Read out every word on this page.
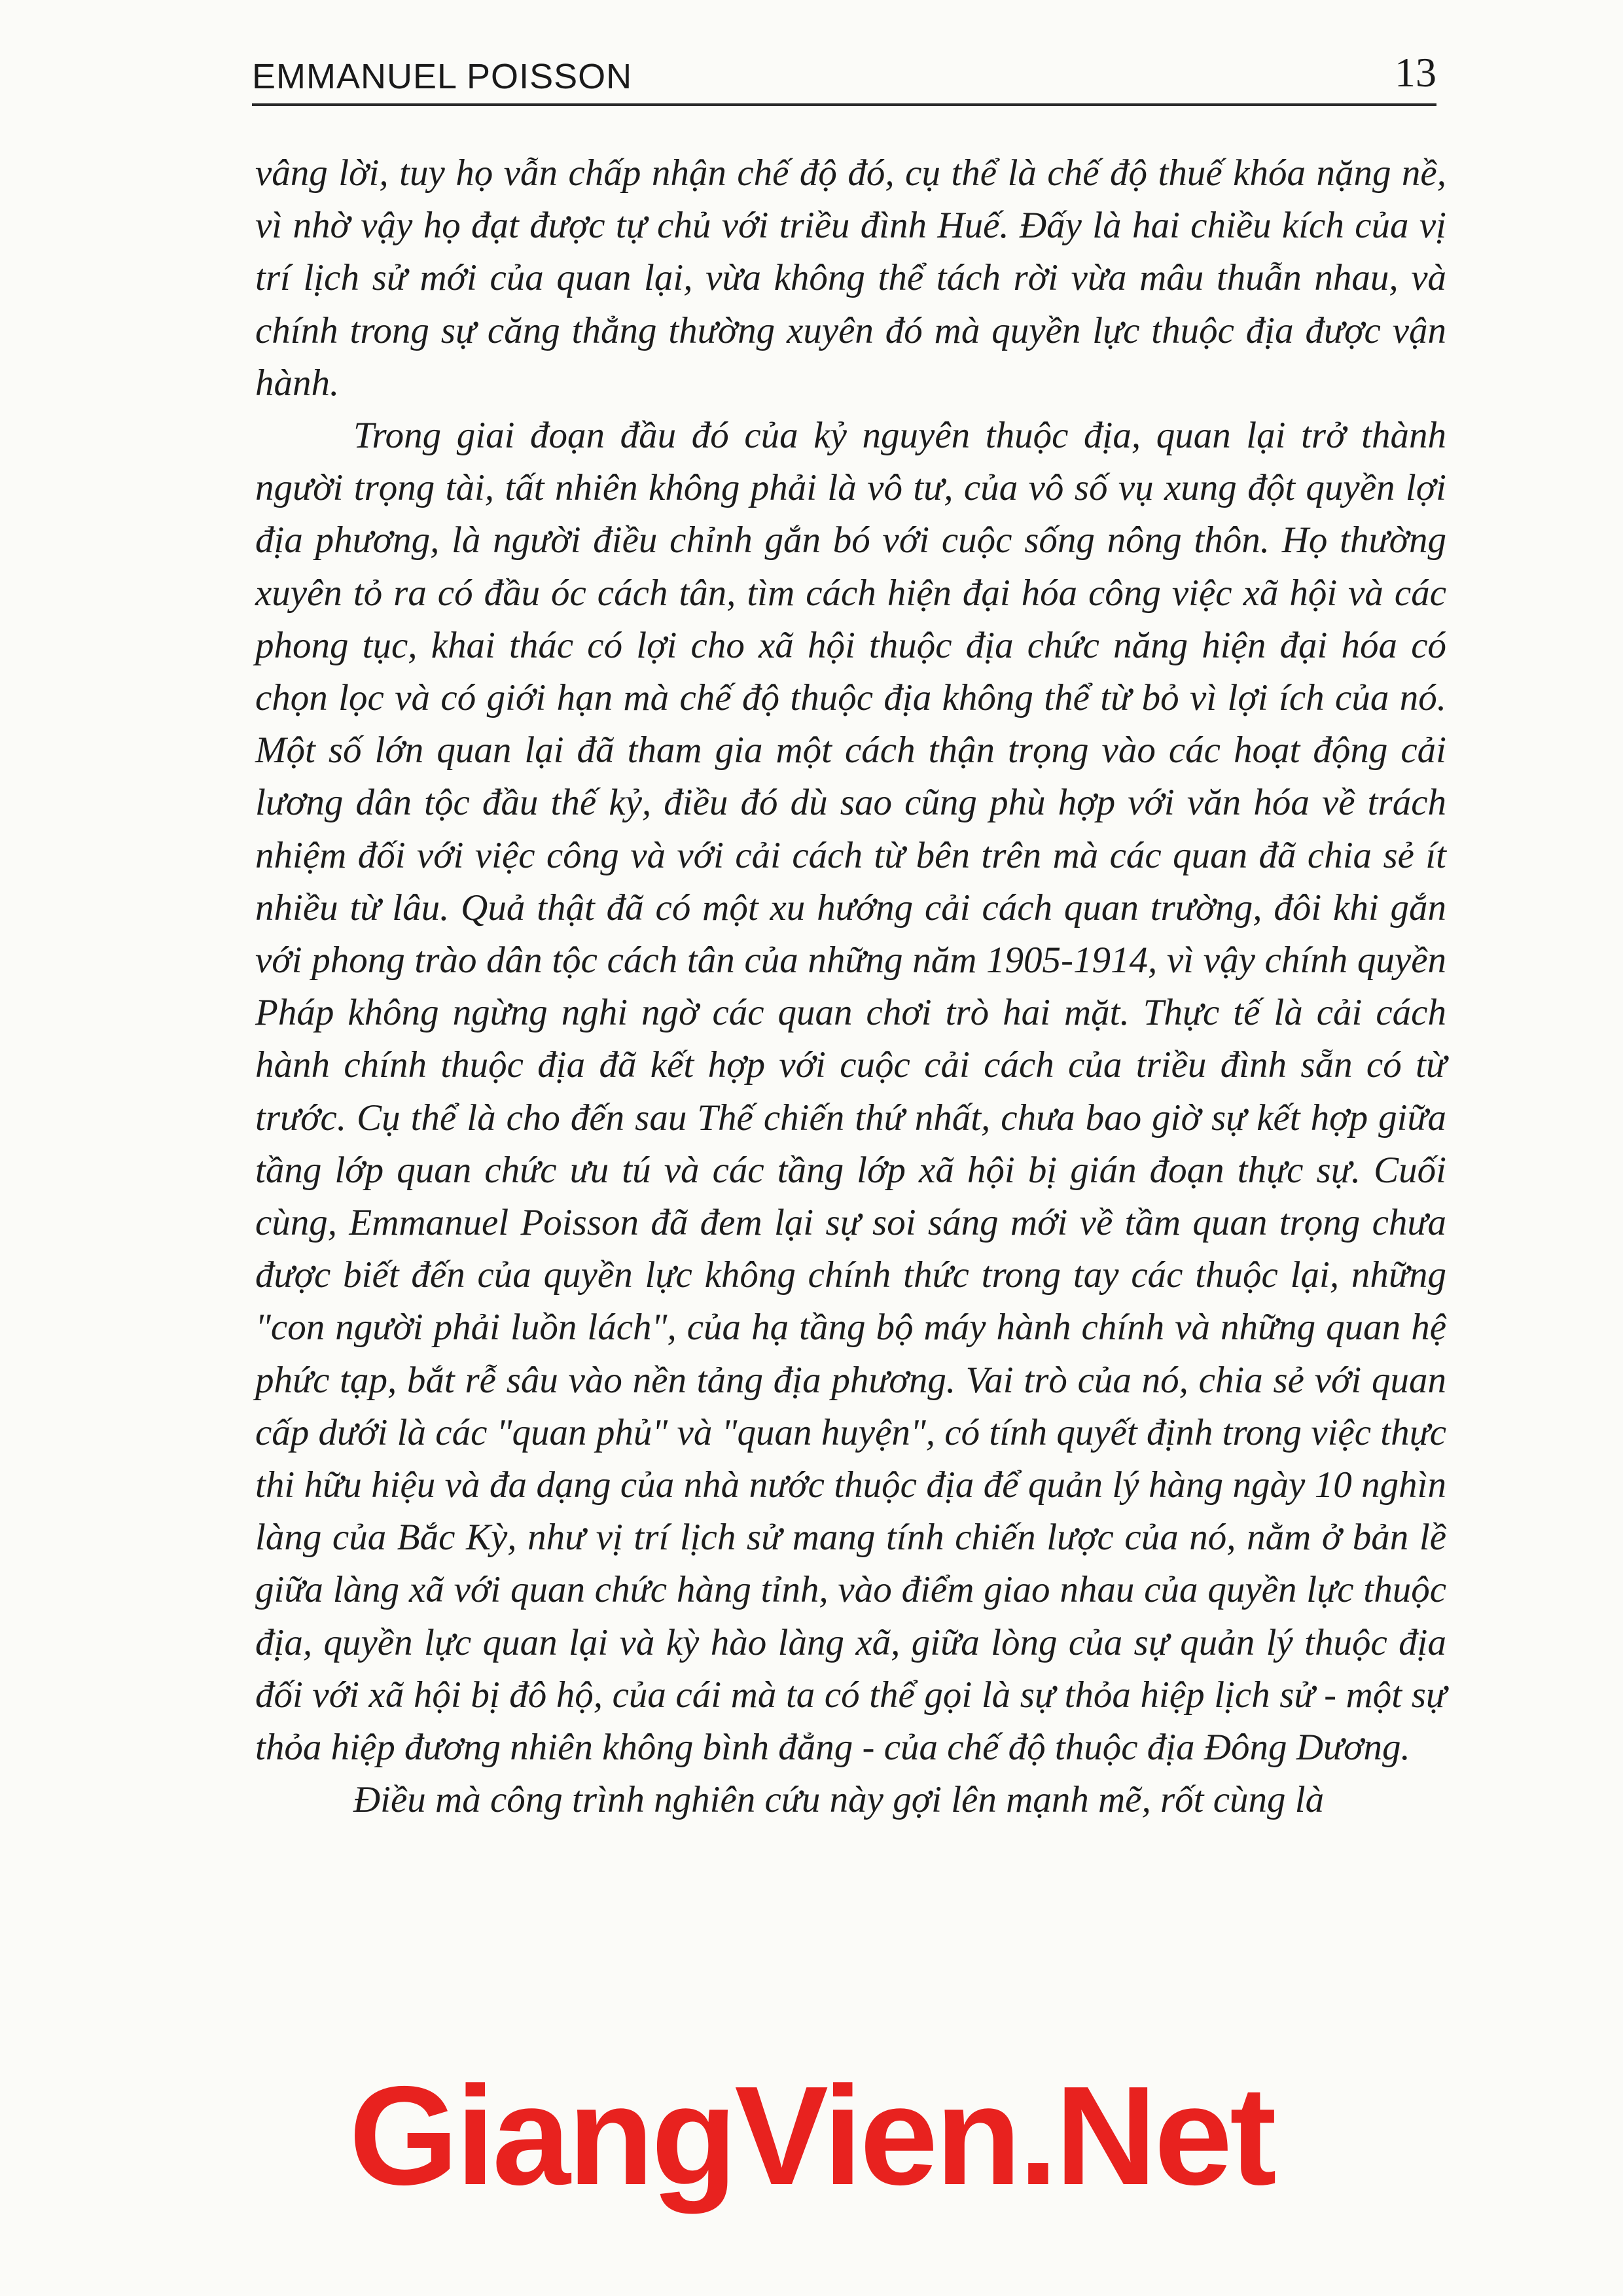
EMMANUEL POISSON	13

vâng lời, tuy họ vẫn chấp nhận chế độ đó, cụ thể là chế độ thuế khóa nặng nề, vì nhờ vậy họ đạt được tự chủ với triều đình Huế. Đấy là hai chiều kích của vị trí lịch sử mới của quan lại, vừa không thể tách rời vừa mâu thuẫn nhau, và chính trong sự căng thẳng thường xuyên đó mà quyền lực thuộc địa được vận hành.

Trong giai đoạn đầu đó của kỷ nguyên thuộc địa, quan lại trở thành người trọng tài, tất nhiên không phải là vô tư, của vô số vụ xung đột quyền lợi địa phương, là người điều chỉnh gắn bó với cuộc sống nông thôn. Họ thường xuyên tỏ ra có đầu óc cách tân, tìm cách hiện đại hóa công việc xã hội và các phong tục, khai thác có lợi cho xã hội thuộc địa chức năng hiện đại hóa có chọn lọc và có giới hạn mà chế độ thuộc địa không thể từ bỏ vì lợi ích của nó. Một số lớn quan lại đã tham gia một cách thận trọng vào các hoạt động cải lương dân tộc đầu thế kỷ, điều đó dù sao cũng phù hợp với văn hóa về trách nhiệm đối với việc công và với cải cách từ bên trên mà các quan đã chia sẻ ít nhiều từ lâu. Quả thật đã có một xu hướng cải cách quan trường, đôi khi gắn với phong trào dân tộc cách tân của những năm 1905-1914, vì vậy chính quyền Pháp không ngừng nghi ngờ các quan chơi trò hai mặt. Thực tế là cải cách hành chính thuộc địa đã kết hợp với cuộc cải cách của triều đình sẵn có từ trước. Cụ thể là cho đến sau Thế chiến thứ nhất, chưa bao giờ sự kết hợp giữa tầng lớp quan chức ưu tú và các tầng lớp xã hội bị gián đoạn thực sự. Cuối cùng, Emmanuel Poisson đã đem lại sự soi sáng mới về tầm quan trọng chưa được biết đến của quyền lực không chính thức trong tay các thuộc lại, những "con người phải luồn lách", của hạ tầng bộ máy hành chính và những quan hệ phức tạp, bắt rễ sâu vào nền tảng địa phương. Vai trò của nó, chia sẻ với quan cấp dưới là các "quan phủ" và "quan huyện", có tính quyết định trong việc thực thi hữu hiệu và đa dạng của nhà nước thuộc địa để quản lý hàng ngày 10 nghìn làng của Bắc Kỳ, như vị trí lịch sử mang tính chiến lược của nó, nằm ở bản lề giữa làng xã với quan chức hàng tỉnh, vào điểm giao nhau của quyền lực thuộc địa, quyền lực quan lại và kỳ hào làng xã, giữa lòng của sự quản lý thuộc địa đối với xã hội bị đô hộ, của cái mà ta có thể gọi là sự thỏa hiệp lịch sử - một sự thỏa hiệp đương nhiên không bình đẳng - của chế độ thuộc địa Đông Dương.

Điều mà công trình nghiên cứu này gợi lên mạnh mẽ, rốt cùng là

GiangVien.Net
